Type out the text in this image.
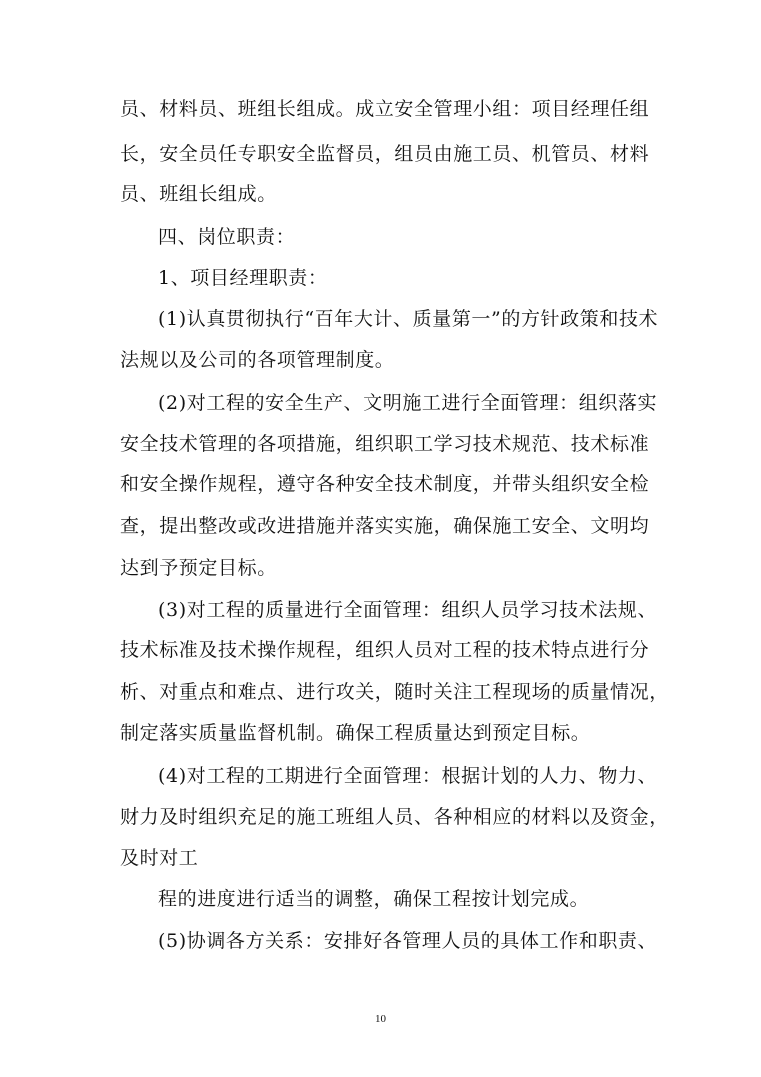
员、材料员、班组长组成。成立安全管理小组：项目经理任组
长，安全员任专职安全监督员，组员由施工员、机管员、材料
员、班组长组成。
四、岗位职责：
1、项目经理职责：
(1)认真贯彻执行“百年大计、质量第一”的方针政策和技术
法规以及公司的各项管理制度。
(2)对工程的安全生产、文明施工进行全面管理：组织落实
安全技术管理的各项措施，组织职工学习技术规范、技术标准
和安全操作规程，遵守各种安全技术制度，并带头组织安全检
查，提出整改或改进措施并落实实施，确保施工安全、文明均
达到予预定目标。
(3)对工程的质量进行全面管理：组织人员学习技术法规、
技术标准及技术操作规程，组织人员对工程的技术特点进行分
析、对重点和难点、进行攻关，随时关注工程现场的质量情况，
制定落实质量监督机制。确保工程质量达到预定目标。
(4)对工程的工期进行全面管理：根据计划的人力、物力、
财力及时组织充足的施工班组人员、各种相应的材料以及资金，
及时对工
程的进度进行适当的调整，确保工程按计划完成。
(5)协调各方关系：安排好各管理人员的具体工作和职责、
10
